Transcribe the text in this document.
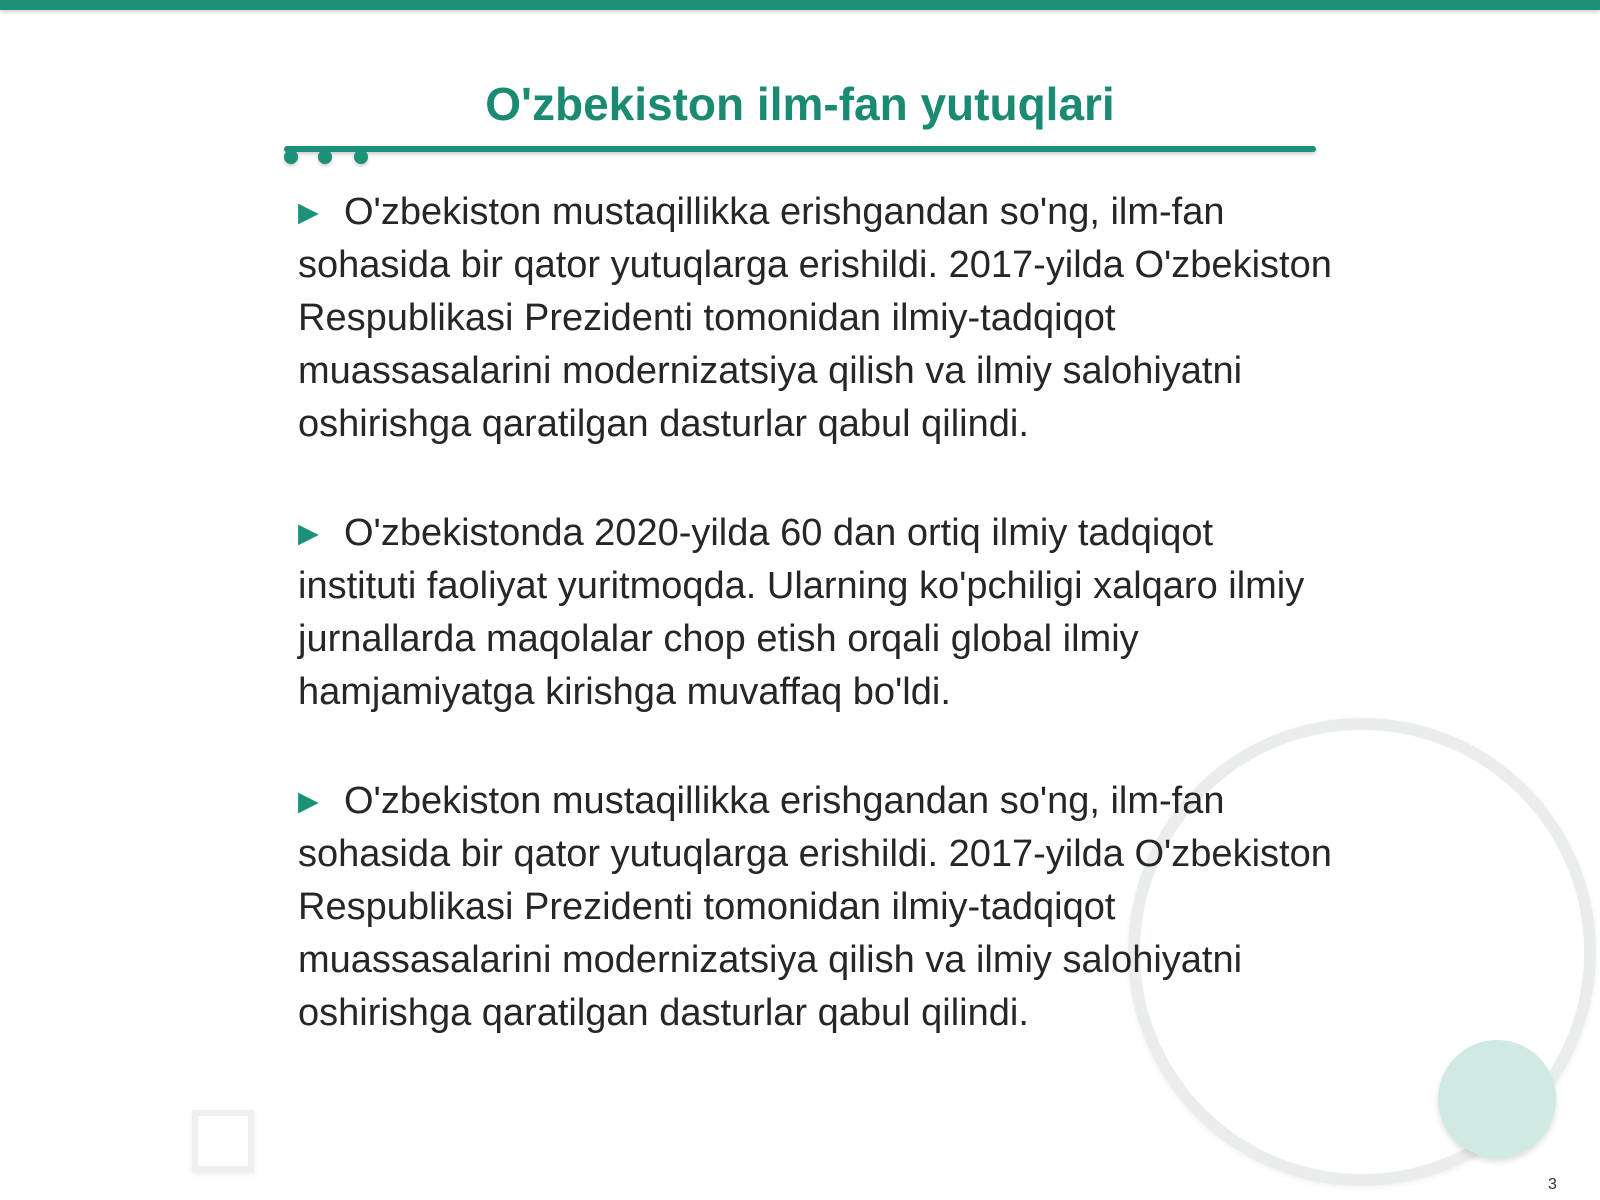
O'zbekiston ilm-fan yutuqlari

▶ O'zbekiston mustaqillikka erishgandan so'ng, ilm-fan sohasida bir qator yutuqlarga erishildi. 2017-yilda O'zbekiston Respublikasi Prezidenti tomonidan ilmiy-tadqiqot muassasalarini modernizatsiya qilish va ilmiy salohiyatni oshirishga qaratilgan dasturlar qabul qilindi.

▶ O'zbekistonda 2020-yilda 60 dan ortiq ilmiy tadqiqot instituti faoliyat yuritmoqda. Ularning ko'pchiligi xalqaro ilmiy jurnallarda maqolalar chop etish orqali global ilmiy hamjamiyatga kirishga muvaffaq bo'ldi.

▶ O'zbekiston mustaqillikka erishgandan so'ng, ilm-fan sohasida bir qator yutuqlarga erishildi. 2017-yilda O'zbekiston Respublikasi Prezidenti tomonidan ilmiy-tadqiqot muassasalarini modernizatsiya qilish va ilmiy salohiyatni oshirishga qaratilgan dasturlar qabul qilindi.

3
